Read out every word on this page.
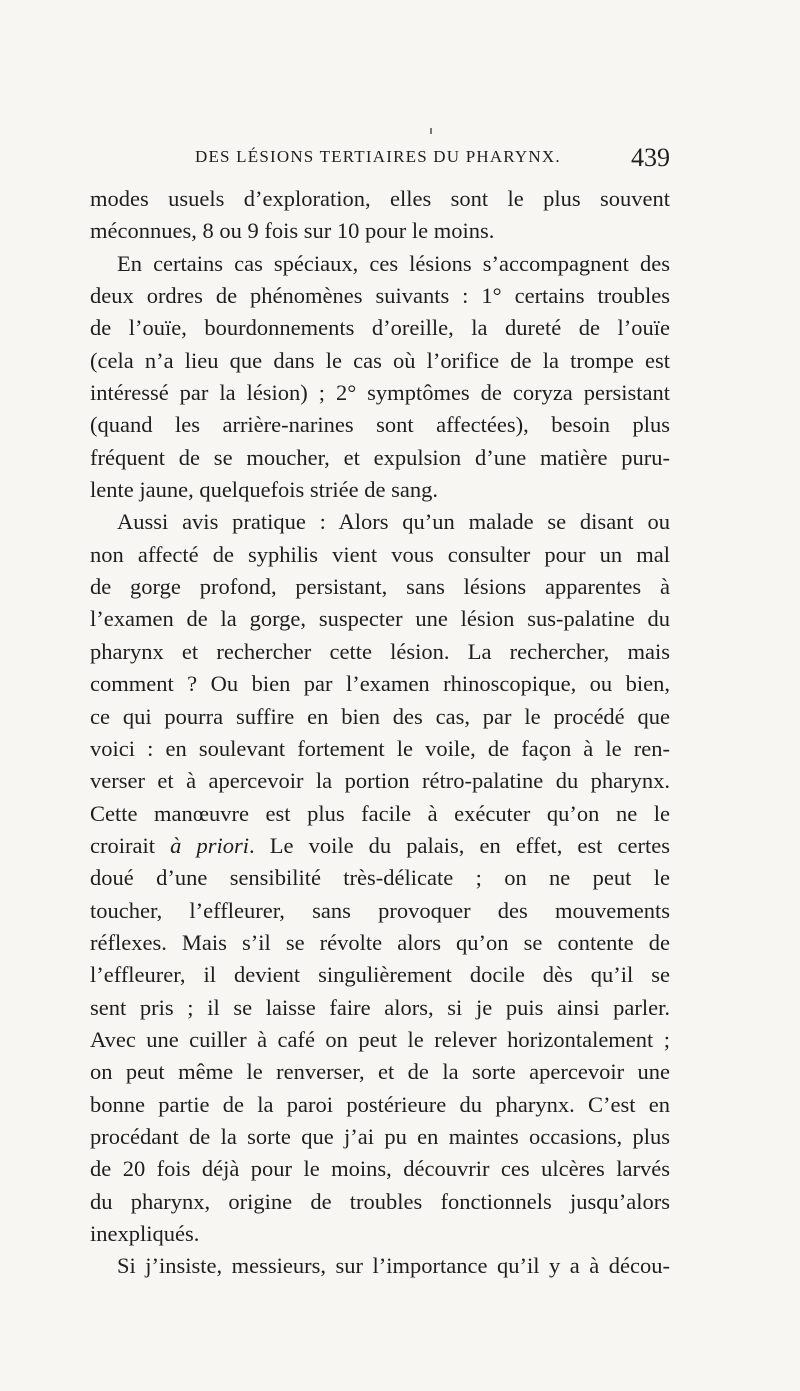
DES LÉSIONS TERTIAIRES DU PHARYNX.	439
modes usuels d’exploration, elles sont le plus souvent
méconnues, 8 ou 9 fois sur 10 pour le moins.
En certains cas spéciaux, ces lésions s’accompagnent des
deux ordres de phénomènes suivants : 1° certains troubles
de l’ouïe, bourdonnements d’oreille, la dureté de l’ouïe
(cela n’a lieu que dans le cas où l’orifice de la trompe est
intéressé par la lésion) ; 2° symptômes de coryza persistant
(quand les arrière-narines sont affectées), besoin plus
fréquent de se moucher, et expulsion d’une matière puru-
lente jaune, quelquefois striée de sang.
Aussi avis pratique : Alors qu’un malade se disant ou
non affecté de syphilis vient vous consulter pour un mal
de gorge profond, persistant, sans lésions apparentes à
l’examen de la gorge, suspecter une lésion sus-palatine du
pharynx et rechercher cette lésion. La rechercher, mais
comment ? Ou bien par l’examen rhinoscopique, ou bien,
ce qui pourra suffire en bien des cas, par le procédé que
voici : en soulevant fortement le voile, de façon à le ren-
verser et à apercevoir la portion rétro-palatine du pharynx.
Cette manœuvre est plus facile à exécuter qu’on ne le
croirait à priori. Le voile du palais, en effet, est certes
doué d’une sensibilité très-délicate ; on ne peut le
toucher, l’effleurer, sans provoquer des mouvements
réflexes. Mais s’il se révolte alors qu’on se contente de
l’effleurer, il devient singulièrement docile dès qu’il se
sent pris ; il se laisse faire alors, si je puis ainsi parler.
Avec une cuiller à café on peut le relever horizontalement ;
on peut même le renverser, et de la sorte apercevoir une
bonne partie de la paroi postérieure du pharynx. C’est en
procédant de la sorte que j’ai pu en maintes occasions, plus
de 20 fois déjà pour le moins, découvrir ces ulcères larvés
du pharynx, origine de troubles fonctionnels jusqu’alors
inexpliqués.
Si j’insiste, messieurs, sur l’importance qu’il y a à décou-
